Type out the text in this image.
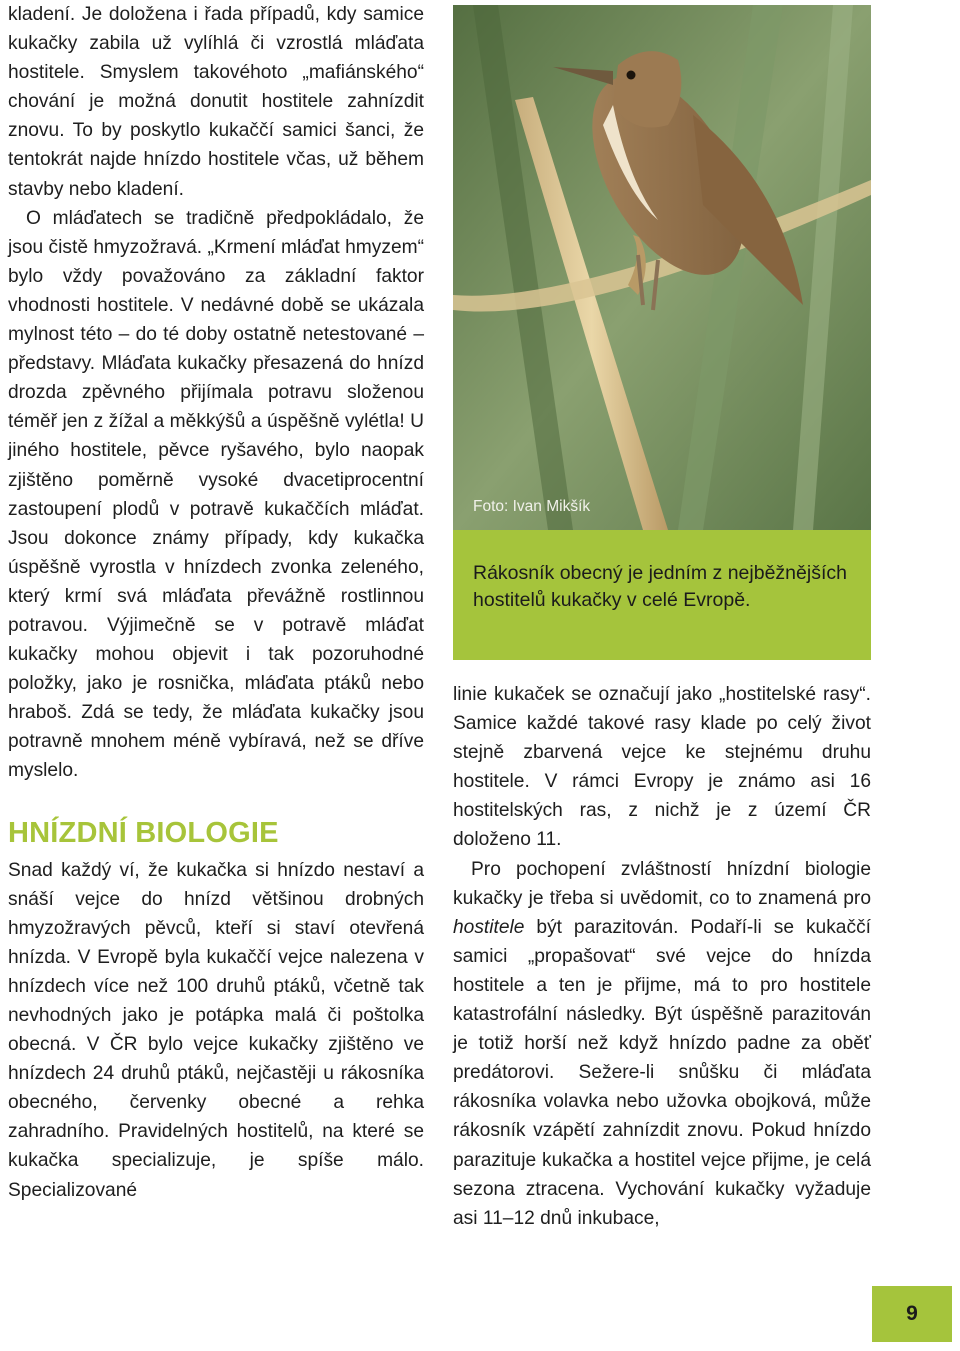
kladení. Je doložena i řada případů, kdy samice kukačky zabila už vylíhlá či vzrostlá mláďata hostitele. Smyslem takovéhoto „mafiánského“ chování je možná donutit hostitele zahnízdit znovu. To by poskytlo kukaččí samici šanci, že tentokrát najde hnízdo hostitele včas, už během stavby nebo kladení.

O mláďatech se tradičně předpokládalo, že jsou čistě hmyzožravá. „Krmení mláďat hmyzem“ bylo vždy považováno za základní faktor vhodnosti hostitele. V nedávné době se ukázala mylnost této – do té doby ostatně netestované – představy. Mláďata kukačky přesazená do hnízd drozda zpěvného přijímala potravu složenou téměř jen z žížal a měkkýšů a úspěšně vylétla! U jiného hostitele, pěvce ryšavého, bylo naopak zjištěno poměrně vysoké dvacetiprocentní zastoupení plodů v potravě kukaččích mláďat. Jsou dokonce známy případy, kdy kukačka úspěšně vyrostla v hnízdech zvonka zeleného, který krmí svá mláďata převážně rostlinnou potravou. Výjimečně se v potravě mláďat kukačky mohou objevit i tak pozoruhodné položky, jako je rosnička, mláďata ptáků nebo hraboš. Zdá se tedy, že mláďata kukačky jsou potravně mnohem méně vybíravá, než se dříve myslelo.

HNÍZDNÍ BIOLOGIE

Snad každý ví, že kukačka si hnízdo nestaví a snáší vejce do hnízd většinou drobných hmyzožravých pěvců, kteří si staví otevřená hnízda. V Evropě byla kukaččí vejce nalezena v hnízdech více než 100 druhů ptáků, včetně tak nevhodných jako je potápka malá či poštolka obecná. V ČR bylo vejce kukačky zjištěno ve hnízdech 24 druhů ptáků, nejčastěji u rákosníka obecného, červenky obecné a rehka zahradního. Pravidelných hostitelů, na které se kukačka specializuje, je spíše málo. Specializované

Foto: Ivan Mikšík
Rákosník obecný je jedním z nejběžnějších hostitelů kukačky v celé Evropě.

linie kukaček se označují jako „hostitelské rasy“. Samice každé takové rasy klade po celý život stejně zbarvená vejce ke stejnému druhu hostitele. V rámci Evropy je známo asi 16 hostitelských ras, z nichž je z území ČR doloženo 11.

Pro pochopení zvláštností hnízdní biologie kukačky je třeba si uvědomit, co to znamená pro hostitele být parazitován. Podaří-li se kukaččí samici „propašovat“ své vejce do hnízda hostitele a ten je přijme, má to pro hostitele katastrofální následky. Být úspěšně parazitován je totiž horší než když hnízdo padne za oběť predátorovi. Sežere-li snůšku či mláďata rákosníka volavka nebo užovka obojková, může rákosník vzápětí zahnízdit znovu. Pokud hnízdo parazituje kukačka a hostitel vejce přijme, je celá sezona ztracena. Vychování kukačky vyžaduje asi 11–12 dnů inkubace,

9
